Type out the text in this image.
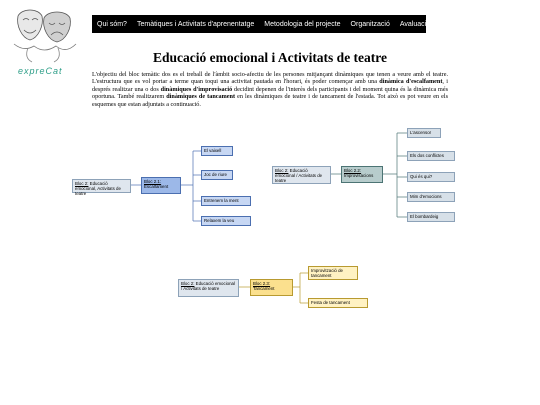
expreCat
Qui sóm?	Temàtiques i Activitats d'aprenentatge	Metodologia del projecte	Organització	Avaluació
Educació emocional i Activitats de teatre
L'objectiu del bloc temàtic dos es el treball de l'àmbit socio-afectiu de les persones mitjançant dinàmiques que tenen a veure amb el teatre. L'estructura que es vol portar a terme quan toqui una activitat pautada en l'horari, és poder començar amb una dinàmica d'escalfament, i després realitzar una o dos dinàmiques d'improvisació decidint depenen de l'interès dels participants i del moment quina és la dinàmica més oportuna. També realitzarem dinàmiques de tancament en les dinàmiques de teatre i de tancament de l'estada. Tot això es pot veure en els esquemes que estan adjuntats a continuació.
Bloc 2: Educació emocional, Activitats de teatre
Bloc 2.1:
Escalfament
El vaixell
Joc de riure
Entrenem la ment
Relaxem la veu
Bloc 2: Educació emocional / Activitats de teatre
Bloc 2.2:
Improvisacions
L'ascensor
Els dos conflictes
Qui és qui?
Mim d'emocions
El bombardeig
Bloc 2: Educació emocional / Activitats de teatre
Bloc 2.3:
Tancament
Improvització de tancament
Festa de tancament
